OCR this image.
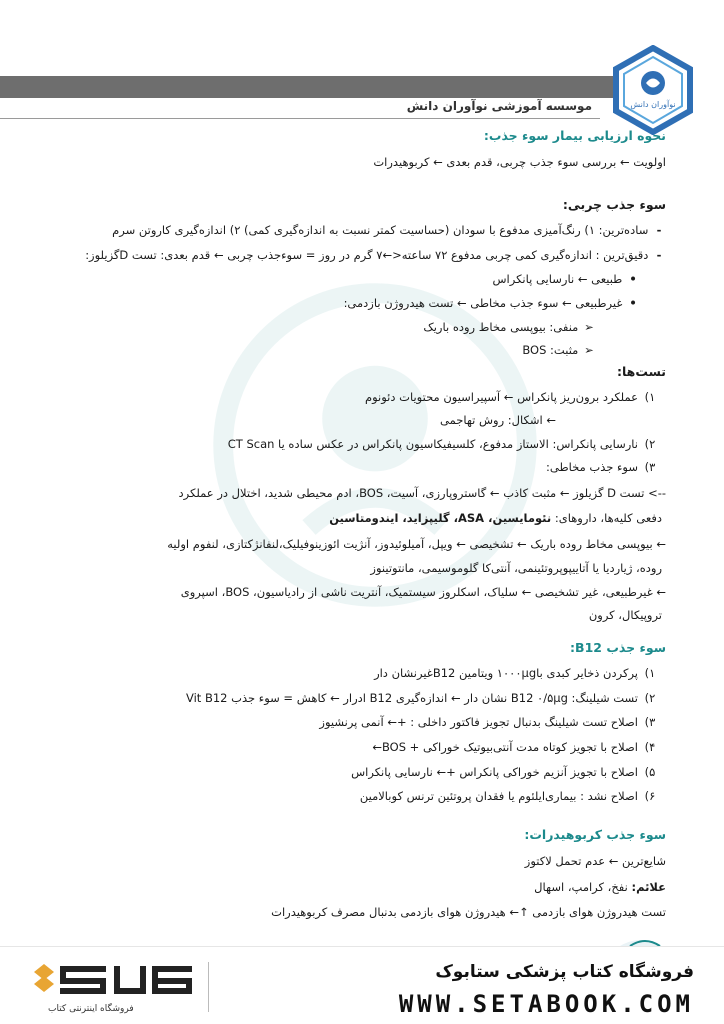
موسسه آموزشی نوآوران دانش	نوآوران دانش
نحوه ارزیابی بیمار سوء جذب:
اولویت ← بررسی سوء جذب چربی، قدم بعدی ← کربوهیدرات
سوء جذب چربی:
- ساده‌ترین: ۱) رنگ‌آمیزی مدفوع با سودان (حساسیت کمتر نسبت به اندازه‌گیری کمی) ۲) اندازه‌گیری کاروتن سرم
- دقیق‌ترین : اندازه‌گیری کمی چربی مدفوع ۷۲ ساعته<←۷ گرم در روز = سوءجذب چربی ← قدم بعدی: تست Dگزیلوز:
• طبیعی ← نارسایی پانکراس
• غیرطبیعی ← سوء جذب مخاطی ← تست هیدروژن بازدمی:
➢ منفی: بیوپسی مخاط روده باریک
➢ مثبت: BOS
تست‌ها:
۱)عملکرد برون‌ریز پانکراس ← آسپیراسیون محتویات دئونوم
← اشکال: روش تهاجمی
۲)نارسایی پانکراس: الاستاز مدفوع، کلسیفیکاسیون پانکراس در عکس ساده یا CT Scan
۳)سوء جذب مخاطی:
--> تست D گزیلوز ← مثبت کاذب ← گاستروپارزی، آسیت، BOS، ادم محیطی شدید، اختلال در عملکرد
دفعی کلیه‌ها، داروهای: نئومایسین، ASA، گلیپزاید، ایندومتاسین
← بیوپسی مخاط روده باریک ← تشخیصی ← ویپل، آمیلوئیدوز، آنژیت ائوزینوفیلیک،لنفانژکتازی، لنفوم اولیه
روده، ژیاردیا یا آتاییپوپروتئینمی، آنتی‌کا گلوموسیمی، مانتوتینوز
← غیرطبیعی، غیر تشخیصی ← سلیاک، اسکلروز سیستمیک، آنتریت ناشی از رادیاسیون، BOS، اسپروی
تروپیکال، کرون
سوء جذب B12:
۱)پرکردن ذخایر کبدی با۱۰۰۰µg ویتامین B12غیرنشان دار
۲)تست شیلینگ: B12 ۰/۵µg نشان دار ← اندازه‌گیری B12 ادرار ← کاهش = سوء جذب Vit B12
۳)اصلاح تست شیلینگ بدنبال تجویز فاکتور داخلی : +← آنمی پرنشیوز
۴)اصلاح با تجویز کوتاه مدت آنتی‌بیوتیک خوراکی + BOS←
۵)اصلاح با تجویز آنزیم خوراکی پانکراس +← نارسایی پانکراس
۶)اصلاح نشد : بیماری‌ایلئوم یا فقدان پروتئین ترنس کوبالامین
سوء جذب کربوهیدرات:
شایع‌ترین ← عدم تحمل لاکتوز
علائم: نفخ، کرامپ، اسهال
تست هیدروژن هوای بازدمی ↑← هیدروژن هوای بازدمی بدنبال مصرف کربوهیدرات
فروشگاه اینترنتی کتاب
فروشگاه کتاب پزشکی ستابوک
WWW.SETABOOK.COM
